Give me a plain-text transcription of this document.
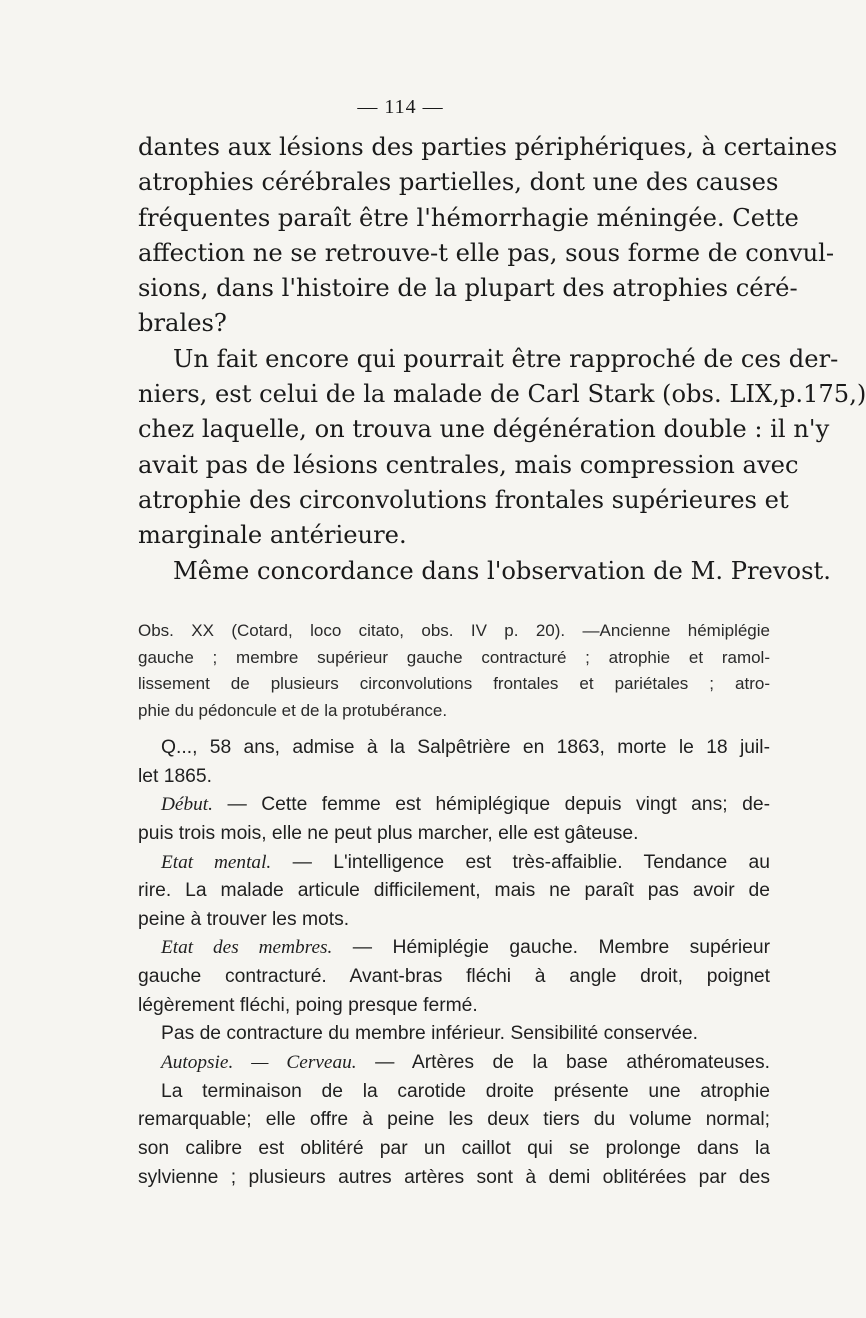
— 114 —
dantes aux lésions des parties périphériques, à certaines
atrophies cérébrales partielles, dont une des causes
fréquentes paraît être l'hémorrhagie méningée. Cette
affection ne se retrouve-t elle pas, sous forme de convul-
sions, dans l'histoire de la plupart des atrophies céré-
brales?
Un fait encore qui pourrait être rapproché de ces der-
niers, est celui de la malade de Carl Stark (obs. LIX,p.175,)
chez laquelle, on trouva une dégénération double : il n'y
avait pas de lésions centrales, mais compression avec
atrophie des circonvolutions frontales supérieures et
marginale antérieure.
Même concordance dans l'observation de M. Prevost.
Obs. XX (Cotard, loco citato, obs. IV p. 20). —Ancienne hémiplégie
gauche ; membre supérieur gauche contracturé ; atrophie et ramol-
lissement de plusieurs circonvolutions frontales et pariétales ; atro-
phie du pédoncule et de la protubérance.
Q..., 58 ans, admise à la Salpêtrière en 1863, morte le 18 juil-
let 1865.
Début. — Cette femme est hémiplégique depuis vingt ans; de-
puis trois mois, elle ne peut plus marcher, elle est gâteuse.
Etat mental. — L'intelligence est très-affaiblie. Tendance au
rire. La malade articule difficilement, mais ne paraît pas avoir de
peine à trouver les mots.
Etat des membres. — Hémiplégie gauche. Membre supérieur
gauche contracturé. Avant-bras fléchi à angle droit, poignet
légèrement fléchi, poing presque fermé.
Pas de contracture du membre inférieur. Sensibilité conservée.
Autopsie. — Cerveau. — Artères de la base athéromateuses.
La terminaison de la carotide droite présente une atrophie
remarquable; elle offre à peine les deux tiers du volume normal;
son calibre est oblitéré par un caillot qui se prolonge dans la
sylvienne ; plusieurs autres artères sont à demi oblitérées par des
